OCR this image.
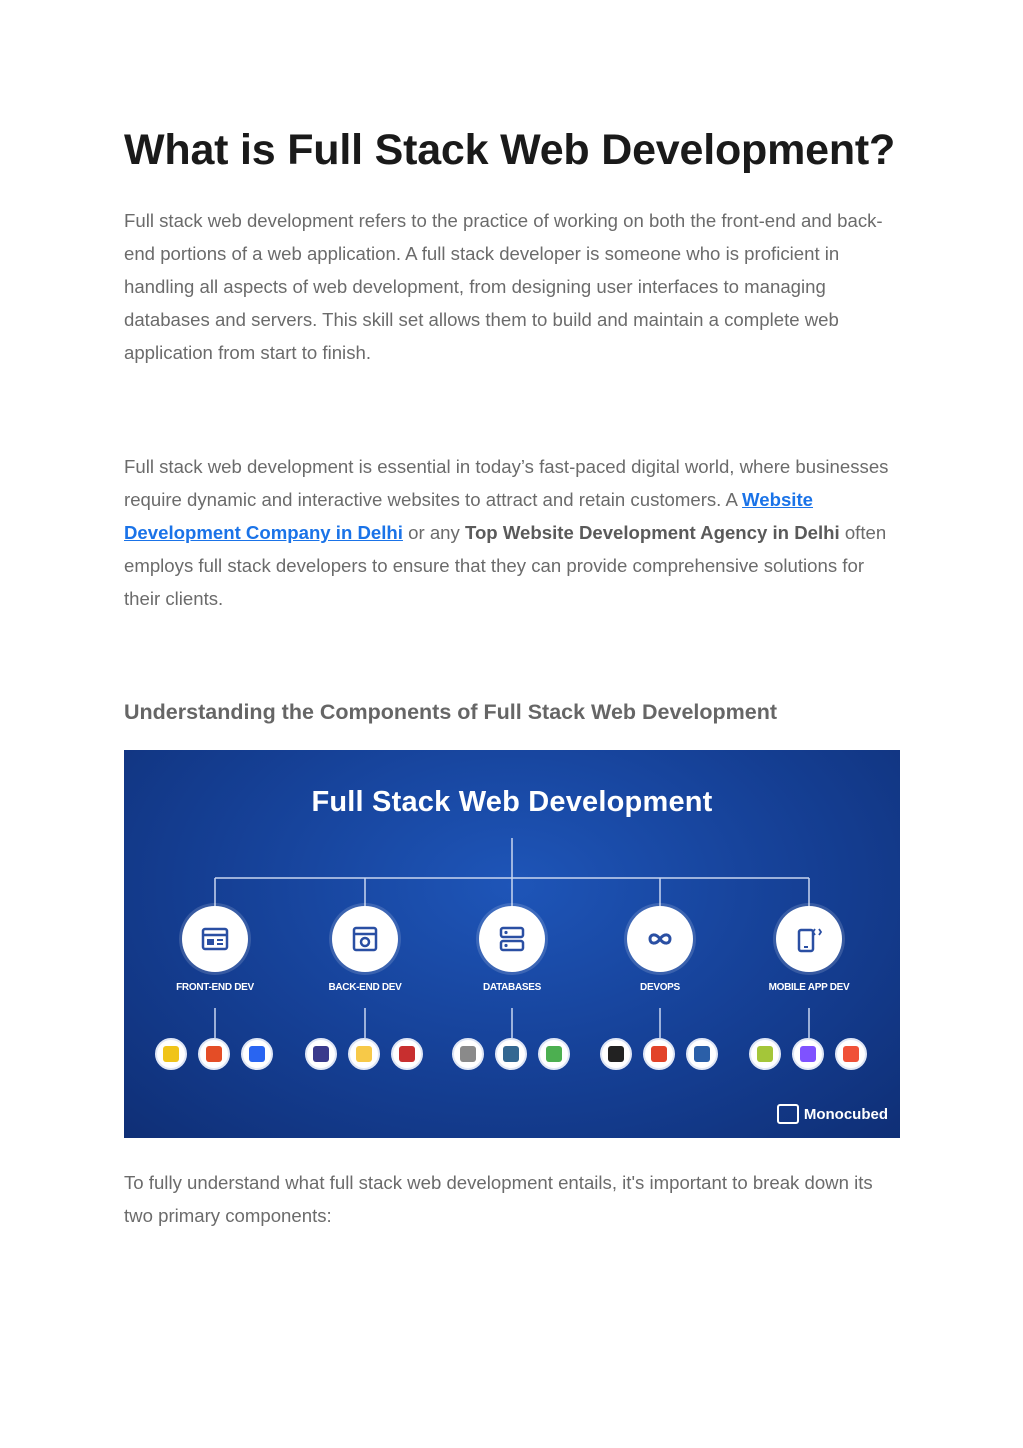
What is Full Stack Web Development?

Full stack web development refers to the practice of working on both the front-end and back-end portions of a web application. A full stack developer is someone who is proficient in handling all aspects of web development, from designing user interfaces to managing databases and servers. This skill set allows them to build and maintain a complete web application from start to finish.

Full stack web development is essential in today’s fast-paced digital world, where businesses require dynamic and interactive websites to attract and retain customers. A Website Development Company in Delhi or any Top Website Development Agency in Delhi often employs full stack developers to ensure that they can provide comprehensive solutions for their clients.

Understanding the Components of Full Stack Web Development
Full Stack Web Development
FRONT-END DEV	BACK-END DEV	DATABASES	DEVOPS	MOBILE APP DEV
Monocubed

To fully understand what full stack web development entails, it's important to break down its two primary components:
